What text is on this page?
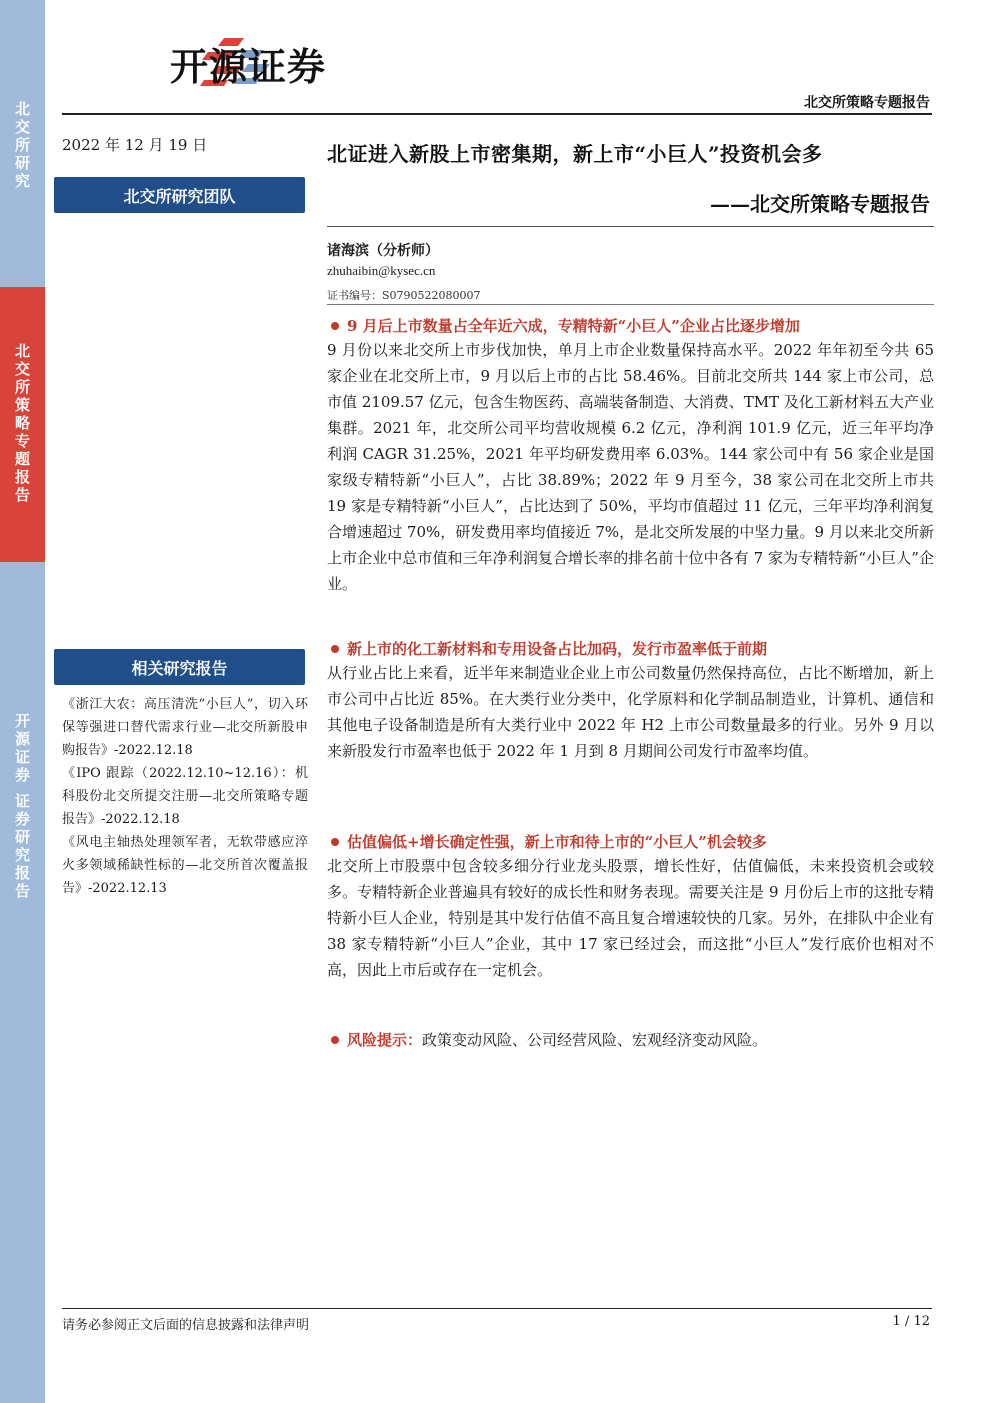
北
交
所
研
究
北
交
所
策
略
专
题
报
告
开
源
证
券
证
券
研
究
报
告
开源证券
北交所策略专题报告
2022 年 12 月 19 日
北交所研究团队
北证进入新股上市密集期，新上市“小巨人”投资机会多
——北交所策略专题报告
诸海滨（分析师）
zhuhaibin@kysec.cn
证书编号：S0790522080007
9 月后上市数量占全年近六成，专精特新“小巨人”企业占比逐步增加
9 月份以来北交所上市步伐加快，单月上市企业数量保持高水平。2022 年年初至今共 65 家企业在北交所上市，9 月以后上市的占比 58.46%。目前北交所共 144 家上市公司，总市值 2109.57 亿元，包含生物医药、高端装备制造、大消费、TMT 及化工新材料五大产业集群。2021 年，北交所公司平均营收规模 6.2 亿元，净利润 101.9 亿元，近三年平均净利润 CAGR 31.25%，2021 年平均研发费用率 6.03%。144 家公司中有 56 家企业是国家级专精特新“小巨人”，占比 38.89%；2022 年 9 月至今，38 家公司在北交所上市共 19 家是专精特新“小巨人”，占比达到了 50%，平均市值超过 11 亿元，三年平均净利润复合增速超过 70%，研发费用率均值接近 7%，是北交所发展的中坚力量。9 月以来北交所新上市企业中总市值和三年净利润复合增长率的排名前十位中各有 7 家为专精特新“小巨人”企业。
新上市的化工新材料和专用设备占比加码，发行市盈率低于前期
从行业占比上来看，近半年来制造业企业上市公司数量仍然保持高位，占比不断增加，新上市公司中占比近 85%。在大类行业分类中，化学原料和化学制品制造业，计算机、通信和其他电子设备制造是所有大类行业中 2022 年 H2 上市公司数量最多的行业。另外 9 月以来新股发行市盈率也低于 2022 年 1 月到 8 月期间公司发行市盈率均值。
估值偏低+增长确定性强，新上市和待上市的“小巨人”机会较多
北交所上市股票中包含较多细分行业龙头股票，增长性好，估值偏低，未来投资机会或较多。专精特新企业普遍具有较好的成长性和财务表现。需要关注是 9 月份后上市的这批专精特新小巨人企业，特别是其中发行估值不高且复合增速较快的几家。另外，在排队中企业有 38 家专精特新“小巨人”企业，其中 17 家已经过会，而这批“小巨人”发行底价也相对不高，因此上市后或存在一定机会。
风险提示： 政策变动风险、公司经营风险、宏观经济变动风险。
相关研究报告
《浙江大农：高压清洗“小巨人”，切入环保等强进口替代需求行业—北交所新股申购报告》-2022.12.18
《IPO 跟踪（2022.12.10~12.16）：机科股份北交所提交注册—北交所策略专题报告》-2022.12.18
《风电主轴热处理领军者，无软带感应淬火多领域稀缺性标的—北交所首次覆盖报告》-2022.12.13
请务必参阅正文后面的信息披露和法律声明	1 / 12
